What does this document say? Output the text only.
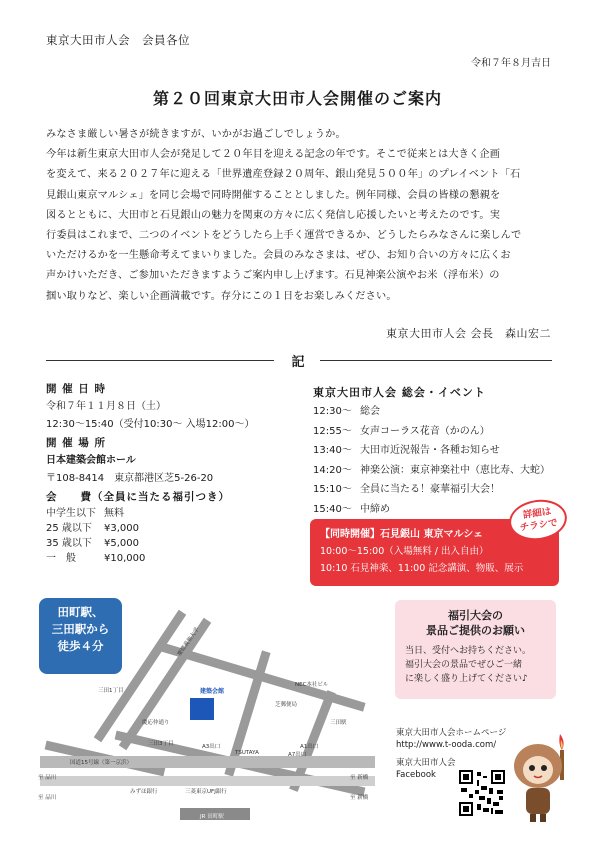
東京大田市人会　会員各位
令和７年８月吉日
第２０回東京大田市人会開催のご案内

みなさま厳しい暑さが続きますが、いかがお過ごしでしょうか。

今年は新生東京大田市人会が発足して２０年目を迎える記念の年です。そこで従来とは大きく企画

を変えて、来る２０２７年に迎える「世界遺産登録２０周年、銀山発見５００年」のプレイベント「石

見銀山東京マルシェ」を同じ会場で同時開催することとしました。例年同様、会員の皆様の懇親を

図るとともに、大田市と石見銀山の魅力を関東の方々に広く発信し応援したいと考えたのです。実

行委員はこれまで、二つのイベントをどうしたら上手く運営できるか、どうしたらみなさんに楽しんで

いただけるかを一生懸命考えてまいりました。会員のみなさまは、ぜひ、お知り合いの方々に広くお

声かけいただき、ご参加いただきますようご案内申し上げます。石見神楽公演やお米（浮布米）の

掴い取りなど、楽しい企画満載です。存分にこの１日をお楽しみください。

東京大田市人会 会長　森山宏二
記
開 催 日 時
令和７年１１月８日（土）
12:30〜15:40（受付10:30〜 入場12:00〜）
開 催 場 所
日本建築会館ホール
〒108-8414　東京都港区芝5-26-20
会　　費（全員に当たる福引つき）
中学生以下 無料
25 歳以下 ¥3,000
35 歳以下 ¥5,000
一　般	¥10,000
東京大田市人会 総会・イベント
12:30〜 総会
12:55〜 女声コーラス花音（かのん）
13:40〜 大田市近況報告・各種お知らせ
14:20〜 神楽公演：東京神楽社中（恵比寿、大蛇）
15:10〜 全員に当たる！豪華福引大会！
15:40〜 中締め
【同時開催】石見銀山 東京マルシェ
10:00〜15:00（入場無料 / 出入自由）
10:10 石見神楽、11:00 記念講演、物販、展示
詳細は
チラシで
建築会館
NEC本社ビル
三田1丁目
三田3丁目
国道15号線（第一京浜）
TSUTAYA
JR 田町駅
至 品川
至 品川
至 新橋
至 新橋
A3出口
A7出口
A1出口
芝郵便局
慶応仲通り
みずほ銀行	三菱東京UFJ銀行
三田駅
慶應義塾大学
田町駅、
三田駅から
徒歩４分
福引大会の
景品ご提供のお願い
当日、受付へお持ちください。
福引大会の景品でぜひご一緒
に楽しく盛り上げてください♪
東京大田市人会ホームページ
http://www.t-ooda.com/
東京大田市人会
Facebook
